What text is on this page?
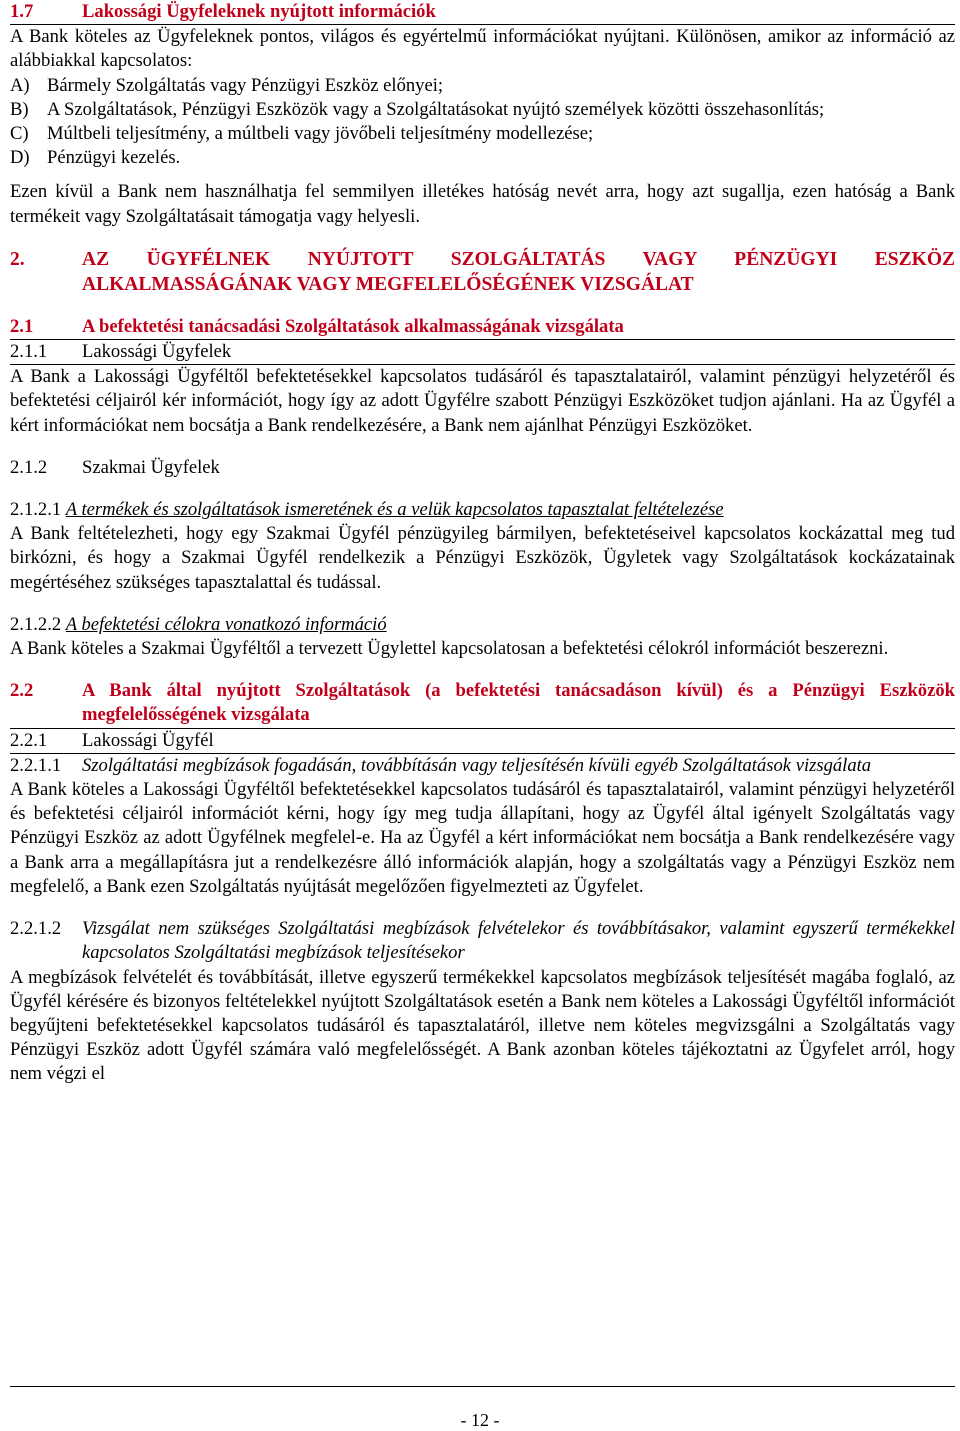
1.7	Lakossági Ügyfeleknek nyújtott információk
A Bank köteles az Ügyfeleknek pontos, világos és egyértelmű információkat nyújtani. Különösen, amikor az információ az alábbiakkal kapcsolatos:
A) Bármely Szolgáltatás vagy Pénzügyi Eszköz előnyei;
B) A Szolgáltatások, Pénzügyi Eszközök vagy a Szolgáltatásokat nyújtó személyek közötti összehasonlítás;
C) Múltbeli teljesítmény, a múltbeli vagy jövőbeli teljesítmény modellezése;
D) Pénzügyi kezelés.
Ezen kívül a Bank nem használhatja fel semmilyen illetékes hatóság nevét arra, hogy azt sugallja, ezen hatóság a Bank termékeit vagy Szolgáltatásait támogatja vagy helyesli.
2.	AZ ÜGYFÉLNEK NYÚJTOTT SZOLGÁLTATÁS VAGY PÉNZÜGYI ESZKÖZ ALKALMASSÁGÁNAK VAGY MEGFELELŐSÉGÉNEK VIZSGÁLAT
2.1	A befektetési tanácsadási Szolgáltatások alkalmasságának vizsgálata
2.1.1	Lakossági Ügyfelek
A Bank a Lakossági Ügyféltől befektetésekkel kapcsolatos tudásáról és tapasztalatairól, valamint pénzügyi helyzetéről és befektetési céljairól kér információt, hogy így az adott Ügyfélre szabott Pénzügyi Eszközöket tudjon ajánlani. Ha az Ügyfél a kért információkat nem bocsátja a Bank rendelkezésére, a Bank nem ajánlhat Pénzügyi Eszközöket.
2.1.2	Szakmai Ügyfelek
2.1.2.1 A termékek és szolgáltatások ismeretének és a velük kapcsolatos tapasztalat feltételezése
A Bank feltételezheti, hogy egy Szakmai Ügyfél pénzügyileg bármilyen, befektetéseivel kapcsolatos kockázattal meg tud birkózni, és hogy a Szakmai Ügyfél rendelkezik a Pénzügyi Eszközök, Ügyletek vagy Szolgáltatások kockázatainak megértéséhez szükséges tapasztalattal és tudással.
2.1.2.2 A befektetési célokra vonatkozó információ
A Bank köteles a Szakmai Ügyféltől a tervezett Ügylettel kapcsolatosan a befektetési célokról információt beszerezni.
2.2	A Bank által nyújtott Szolgáltatások (a befektetési tanácsadáson kívül) és a Pénzügyi Eszközök megfelelősségének vizsgálata
2.2.1	Lakossági Ügyfél
2.2.1.1	Szolgáltatási megbízások fogadásán, továbbításán vagy teljesítésén kívüli egyéb Szolgáltatások vizsgálata
A Bank köteles a Lakossági Ügyféltől befektetésekkel kapcsolatos tudásáról és tapasztalatairól, valamint pénzügyi helyzetéről és befektetési céljairól információt kérni, hogy így meg tudja állapítani, hogy az Ügyfél által igényelt Szolgáltatás vagy Pénzügyi Eszköz az adott Ügyfélnek megfelel-e. Ha az Ügyfél a kért információkat nem bocsátja a Bank rendelkezésére vagy a Bank arra a megállapításra jut a rendelkezésre álló információk alapján, hogy a szolgáltatás vagy a Pénzügyi Eszköz nem megfelelő, a Bank ezen Szolgáltatás nyújtását megelőzően figyelmezteti az Ügyfelet.
2.2.1.2	Vizsgálat nem szükséges Szolgáltatási megbízások felvételekor és továbbításakor, valamint egyszerű termékekkel kapcsolatos Szolgáltatási megbízások teljesítésekor
A megbízások felvételét és továbbítását, illetve egyszerű termékekkel kapcsolatos megbízások teljesítését magába foglaló, az Ügyfél kérésére és bizonyos feltételekkel nyújtott Szolgáltatások esetén a Bank nem köteles a Lakossági Ügyféltől információt begyűjteni befektetésekkel kapcsolatos tudásáról és tapasztalatáról, illetve nem köteles megvizsgálni a Szolgáltatás vagy Pénzügyi Eszköz adott Ügyfél számára való megfelelősségét. A Bank azonban köteles tájékoztatni az Ügyfelet arról, hogy nem végzi el
- 12 -
